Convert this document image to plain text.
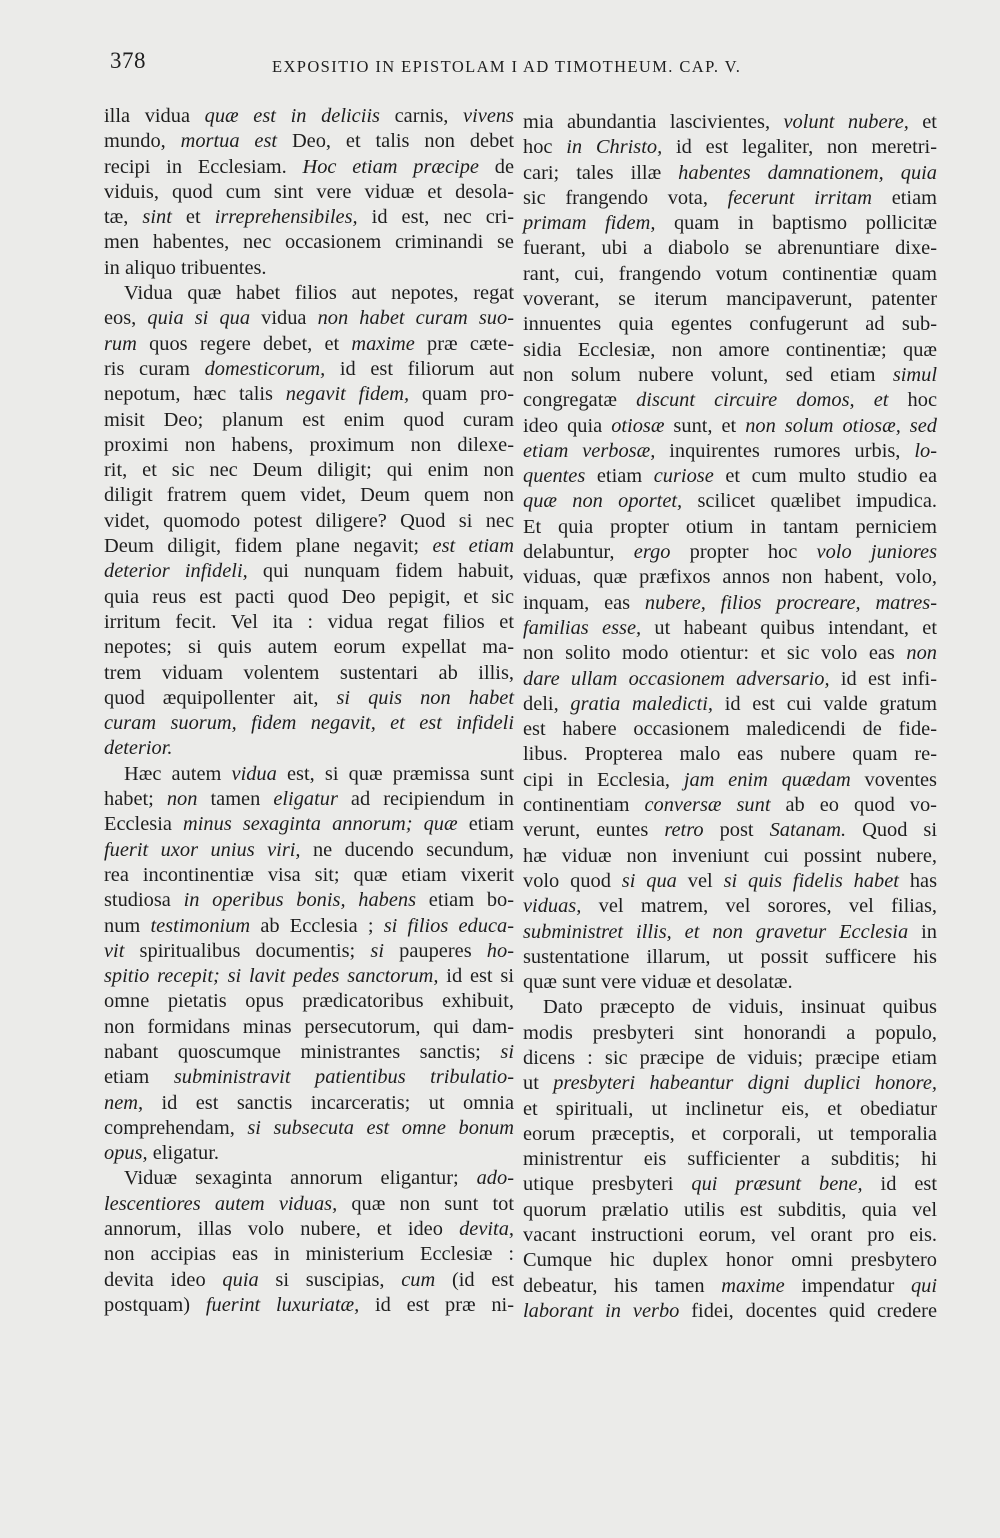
378	EXPOSITIO IN EPISTOLAM I AD TIMOTHEUM. CAP. V.
illa vidua quæ est in deliciis carnis, vivens
mundo, mortua est Deo, et talis non debet
recipi in Ecclesiam. Hoc etiam præcipe de
viduis, quod cum sint vere viduæ et desola-
tæ, sint et irreprehensibiles, id est, nec cri-
men habentes, nec occasionem criminandi se
in aliquo tribuentes.
Vidua quæ habet filios aut nepotes, regat
eos, quia si qua vidua non habet curam suo-
rum quos regere debet, et maxime præ cæte-
ris curam domesticorum, id est filiorum aut
nepotum, hæc talis negavit fidem, quam pro-
misit Deo; planum est enim quod curam
proximi non habens, proximum non dilexe-
rit, et sic nec Deum diligit; qui enim non
diligit fratrem quem videt, Deum quem non
videt, quomodo potest diligere? Quod si nec
Deum diligit, fidem plane negavit; est etiam
deterior infideli, qui nunquam fidem habuit,
quia reus est pacti quod Deo pepigit, et sic
irritum fecit. Vel ita : vidua regat filios et
nepotes; si quis autem eorum expellat ma-
trem viduam volentem sustentari ab illis,
quod æquipollenter ait, si quis non habet
curam suorum, fidem negavit, et est infideli
deterior.
Hæc autem vidua est, si quæ præmissa sunt
habet; non tamen eligatur ad recipiendum in
Ecclesia minus sexaginta annorum; quæ etiam
fuerit uxor unius viri, ne ducendo secundum,
rea incontinentiæ visa sit; quæ etiam vixerit
studiosa in operibus bonis, habens etiam bo-
num testimonium ab Ecclesia ; si filios educa-
vit spiritualibus documentis; si pauperes ho-
spitio recepit; si lavit pedes sanctorum, id est si
omne pietatis opus prædicatoribus exhibuit,
non formidans minas persecutorum, qui dam-
nabant quoscumque ministrantes sanctis; si
etiam subministravit patientibus tribulatio-
nem, id est sanctis incarceratis; ut omnia
comprehendam, si subsecuta est omne bonum
opus, eligatur.
Viduæ sexaginta annorum eligantur; ado-
lescentiores autem viduas, quæ non sunt tot
annorum, illas volo nubere, et ideo devita,
non accipias eas in ministerium Ecclesiæ :
devita ideo quia si suscipias, cum (id est
postquam) fuerint luxuriatæ, id est præ ni-
mia abundantia lascivientes, volunt nubere, et
hoc in Christo, id est legaliter, non meretri-
cari; tales illæ habentes damnationem, quia
sic frangendo vota, fecerunt irritam etiam
primam fidem, quam in baptismo pollicitæ
fuerant, ubi a diabolo se abrenuntiare dixe-
rant, cui, frangendo votum continentiæ quam
voverant, se iterum mancipaverunt, patenter
innuentes quia egentes confugerunt ad sub-
sidia Ecclesiæ, non amore continentiæ; quæ
non solum nubere volunt, sed etiam simul
congregatæ discunt circuire domos, et hoc
ideo quia otiosæ sunt, et non solum otiosæ, sed
etiam verbosæ, inquirentes rumores urbis, lo-
quentes etiam curiose et cum multo studio ea
quæ non oportet, scilicet quælibet impudica.
Et quia propter otium in tantam perniciem
delabuntur, ergo propter hoc volo juniores
viduas, quæ præfixos annos non habent, volo,
inquam, eas nubere, filios procreare, matres-
familias esse, ut habeant quibus intendant, et
non solito modo otientur: et sic volo eas non
dare ullam occasionem adversario, id est infi-
deli, gratia maledicti, id est cui valde gratum
est habere occasionem maledicendi de fide-
libus. Propterea malo eas nubere quam re-
cipi in Ecclesia, jam enim quædam voventes
continentiam conversæ sunt ab eo quod vo-
verunt, euntes retro post Satanam. Quod si
hæ viduæ non inveniunt cui possint nubere,
volo quod si qua vel si quis fidelis habet has
viduas, vel matrem, vel sorores, vel filias,
subministret illis, et non gravetur Ecclesia in
sustentatione illarum, ut possit sufficere his
quæ sunt vere viduæ et desolatæ.
Dato præcepto de viduis, insinuat quibus
modis presbyteri sint honorandi a populo,
dicens : sic præcipe de viduis; præcipe etiam
ut presbyteri habeantur digni duplici honore,
et spirituali, ut inclinetur eis, et obediatur
eorum præceptis, et corporali, ut temporalia
ministrentur eis sufficienter a subditis; hi
utique presbyteri qui præsunt bene, id est
quorum prælatio utilis est subditis, quia vel
vacant instructioni eorum, vel orant pro eis.
Cumque hic duplex honor omni presbytero
debeatur, his tamen maxime impendatur qui
laborant in verbo fidei, docentes quid credere
